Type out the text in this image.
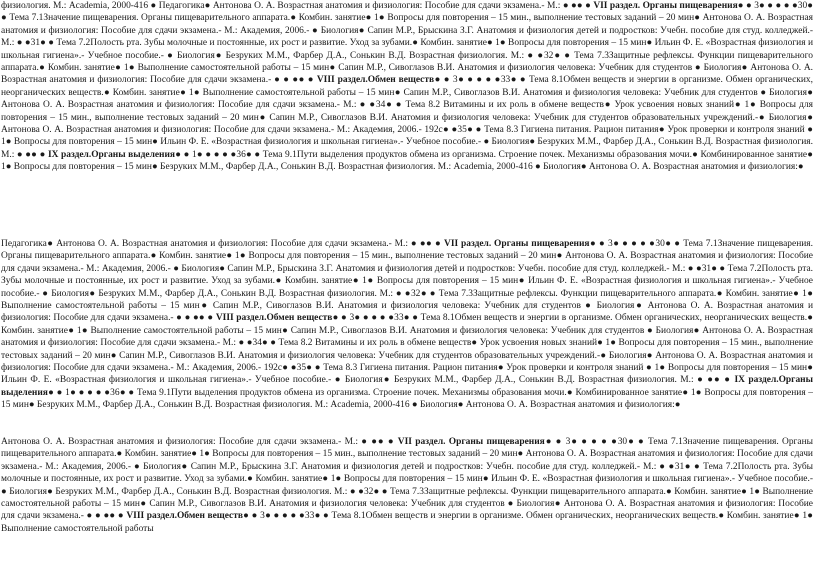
физиология. М.: Academia, 2000-416 ● Педагогика● Антонова О. А. Возрастная анатомия и физиология: Пособие для сдачи экзамена.- М.: ● ●● ● VII раздел. Органы пищеварения● ● 3● ● ● ● ●30● ● Тема 7.1Значение пищеварения. Органы пищеварительного аппарата.● Комбин. занятие● 1● Вопросы для повторения – 15 мин., выполнение тестовых заданий – 20 мин● Антонова О. А. Возрастная анатомия и физиология: Пособие для сдачи экзамена.- М.: Академия, 2006.- ● Биология● Сапин М.Р., Брыскина З.Г. Анатомия и физиология детей и подростков: Учебн. пособие для студ. колледжей.- М.: ● ●31● ● Тема 7.2Полость рта. Зубы молочные и постоянные, их рост и развитие. Уход за зубами.● Комбин. занятие● 1● Вопросы для повторения – 15 мин● Ильин Ф. Е. «Возрастная физиология и школьная гигиена».- Учебное пособие.- ● Биология● Безруких М.М., Фарбер Д.А., Сонькин В.Д. Возрастная физиология. М.: ● ●32● ● Тема 7.3Защитные рефлексы. Функции пищеварительного аппарата.● Комбин. занятие● 1● Выполнение самостоятельной работы – 15 мин● Сапин М.Р., Сивоглазов В.И. Анатомия и физиология человека: Учебник для студентов ● Биология● Антонова О. А. Возрастная анатомия и физиология: Пособие для сдачи экзамена.- ● ● ●● ● VIII раздел.Обмен веществ● ● 3● ● ● ● ●33● ● Тема 8.1Обмен веществ и энергии в организме. Обмен органических, неорганических веществ.● Комбин. занятие● 1● Выполнение самостоятельной работы – 15 мин● Сапин М.Р., Сивоглазов В.И. Анатомия и физиология человека: Учебник для студентов ● Биология● Антонова О. А. Возрастная анатомия и физиология: Пособие для сдачи экзамена.- М.: ● ●34● ● Тема 8.2 Витамины и их роль в обмене веществ● Урок усвоения новых знаний● 1● Вопросы для повторения – 15 мин., выполнение тестовых заданий – 20 мин● Сапин М.Р., Сивоглазов В.И. Анатомия и физиология человека: Учебник для студентов образовательных учреждений.-● Биология● Антонова О. А. Возрастная анатомия и физиология: Пособие для сдачи экзамена.- М.: Академия, 2006.- 192с● ●35● ● Тема 8.3 Гигиена питания. Рацион питания● Урок проверки и контроля знаний ● 1● Вопросы для повторения – 15 мин● Ильин Ф. Е. «Возрастная физиология и школьная гигиена».- Учебное пособие.- ● Биология● Безруких М.М., Фарбер Д.А., Сонькин В.Д. Возрастная физиология. М.: ● ●● ● IX раздел.Органы выделения● ● 1● ● ● ● ●36● ● Тема 9.1Пути выделения продуктов обмена из организма. Строение почек. Механизмы образования мочи.● Комбинированное занятие● 1● Вопросы для повторения – 15 мин● Безруких М.М., Фарбер Д.А., Сонькин В.Д. Возрастная физиология. М.: Academia, 2000-416 ● Биология● Антонова О. А. Возрастная анатомия и физиология:●

Педагогика● Антонова О. А. Возрастная анатомия и физиология: Пособие для сдачи экзамена.- М.: ● ●● ● VII раздел. Органы пищеварения● ● 3● ● ● ● ●30● ● Тема 7.1Значение пищеварения. Органы пищеварительного аппарата.● Комбин. занятие● 1● Вопросы для повторения – 15 мин., выполнение тестовых заданий – 20 мин● Антонова О. А. Возрастная анатомия и физиология: Пособие для сдачи экзамена.- М.: Академия, 2006.- ● Биология● Сапин М.Р., Брыскина З.Г. Анатомия и физиология детей и подростков: Учебн. пособие для студ. колледжей.- М.: ● ●31● ● Тема 7.2Полость рта. Зубы молочные и постоянные, их рост и развитие. Уход за зубами.● Комбин. занятие● 1● Вопросы для повторения – 15 мин● Ильин Ф. Е. «Возрастная физиология и школьная гигиена».- Учебное пособие.- ● Биология● Безруких М.М., Фарбер Д.А., Сонькин В.Д. Возрастная физиология. М.: ● ●32● ● Тема 7.3Защитные рефлексы. Функции пищеварительного аппарата.● Комбин. занятие● 1● Выполнение самостоятельной работы – 15 мин● Сапин М.Р., Сивоглазов В.И. Анатомия и физиология человека: Учебник для студентов ● Биология● Антонова О. А. Возрастная анатомия и физиология: Пособие для сдачи экзамена.- ● ● ●● ● VIII раздел.Обмен веществ● ● 3● ● ● ● ●33● ● Тема 8.1Обмен веществ и энергии в организме. Обмен органических, неорганических веществ.● Комбин. занятие● 1● Выполнение самостоятельной работы – 15 мин● Сапин М.Р., Сивоглазов В.И. Анатомия и физиология человека: Учебник для студентов ● Биология● Антонова О. А. Возрастная анатомия и физиология: Пособие для сдачи экзамена.- М.: ● ●34● ● Тема 8.2 Витамины и их роль в обмене веществ● Урок усвоения новых знаний● 1● Вопросы для повторения – 15 мин., выполнение тестовых заданий – 20 мин● Сапин М.Р., Сивоглазов В.И. Анатомия и физиология человека: Учебник для студентов образовательных учреждений.-● Биология● Антонова О. А. Возрастная анатомия и физиология: Пособие для сдачи экзамена.- М.: Академия, 2006.- 192с● ●35● ● Тема 8.3 Гигиена питания. Рацион питания● Урок проверки и контроля знаний ● 1● Вопросы для повторения – 15 мин● Ильин Ф. Е. «Возрастная физиология и школьная гигиена».- Учебное пособие.- ● Биология● Безруких М.М., Фарбер Д.А., Сонькин В.Д. Возрастная физиология. М.: ● ●● ● IX раздел.Органы выделения● ● 1● ● ● ● ●36● ● Тема 9.1Пути выделения продуктов обмена из организма. Строение почек. Механизмы образования мочи.● Комбинированное занятие● 1● Вопросы для повторения – 15 мин● Безруких М.М., Фарбер Д.А., Сонькин В.Д. Возрастная физиология. М.: Academia, 2000-416 ● Биология● Антонова О. А. Возрастная анатомия и физиология:●

Антонова О. А. Возрастная анатомия и физиология: Пособие для сдачи экзамена.- М.: ● ●● ● VII раздел. Органы пищеварения● ● 3● ● ● ● ●30● ● Тема 7.1Значение пищеварения. Органы пищеварительного аппарата.● Комбин. занятие● 1● Вопросы для повторения – 15 мин., выполнение тестовых заданий – 20 мин● Антонова О. А. Возрастная анатомия и физиология: Пособие для сдачи экзамена.- М.: Академия, 2006.- ● Биология● Сапин М.Р., Брыскина З.Г. Анатомия и физиология детей и подростков: Учебн. пособие для студ. колледжей.- М.: ● ●31● ● Тема 7.2Полость рта. Зубы молочные и постоянные, их рост и развитие. Уход за зубами.● Комбин. занятие● 1● Вопросы для повторения – 15 мин● Ильин Ф. Е. «Возрастная физиология и школьная гигиена».- Учебное пособие.- ● Биология● Безруких М.М., Фарбер Д.А., Сонькин В.Д. Возрастная физиология. М.: ● ●32● ● Тема 7.3Защитные рефлексы. Функции пищеварительного аппарата.● Комбин. занятие● 1● Выполнение самостоятельной работы – 15 мин● Сапин М.Р., Сивоглазов В.И. Анатомия и физиология человека: Учебник для студентов ● Биология● Антонова О. А. Возрастная анатомия и физиология: Пособие для сдачи экзамена.- ● ● ●● ● VIII раздел.Обмен веществ● ● 3● ● ● ● ●33● ● Тема 8.1Обмен веществ и энергии в организме. Обмен органических, неорганических веществ.● Комбин. занятие● 1● Выполнение самостоятельной работы
